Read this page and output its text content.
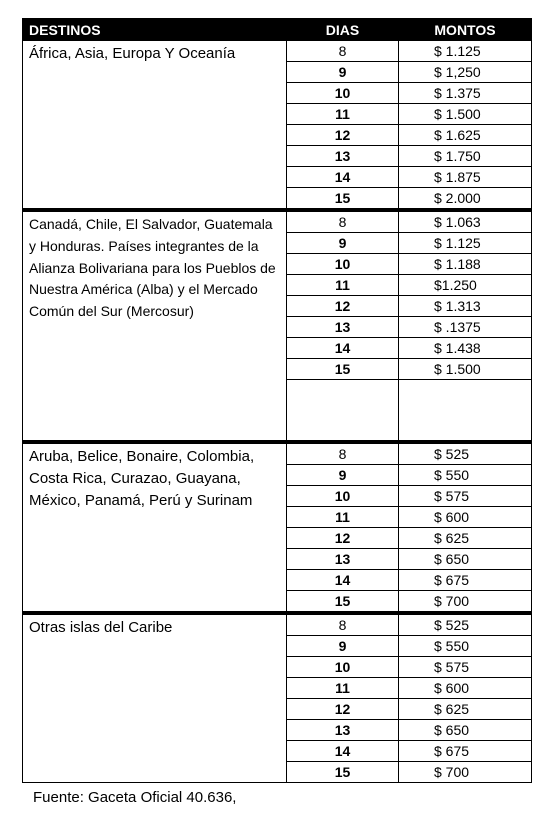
DESTINOS	DIAS	MONTOS
África, Asia, Europa Y Oceanía	8	$ 1.125
	9	$ 1,250
	10	$ 1.375
	11	$ 1.500
	12	$ 1.625
	13	$ 1.750
	14	$ 1.875
	15	$ 2.000
Canadá, Chile, El Salvador, Guatemala y Honduras. Países integrantes de la Alianza Bolivariana para los Pueblos de Nuestra América (Alba) y el Mercado Común del Sur (Mercosur)	8	$ 1.063
	9	$ 1.125
	10	$ 1.188
	11	$1.250
	12	$ 1.313
	13	$ .1375
	14	$ 1.438
	15	$ 1.500

Aruba, Belice, Bonaire, Colombia, Costa Rica, Curazao, Guayana, México, Panamá, Perú y Surinam	8	$ 525
	9	$ 550
	10	$ 575
	11	$ 600
	12	$ 625
	13	$ 650
	14	$ 675
	15	$ 700
Otras islas del Caribe	8	$ 525
	9	$ 550
	10	$ 575
	11	$ 600
	12	$ 625
	13	$ 650
	14	$ 675
	15	$ 700
Fuente: Gaceta Oficial 40.636,
